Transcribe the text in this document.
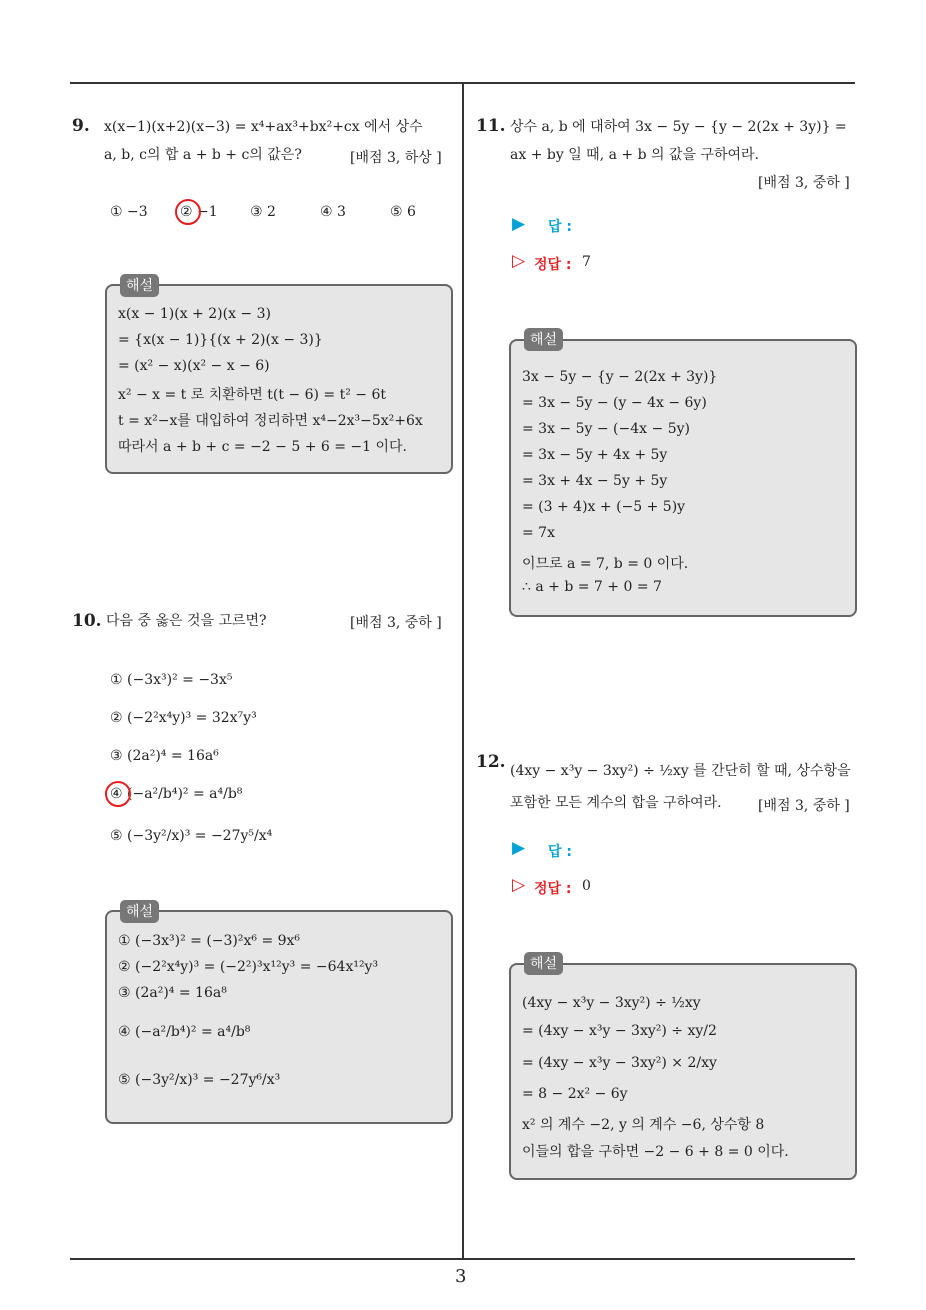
3
9. x(x−1)(x+2)(x−3) = x⁴+ax³+bx²+cx 에서 상수
a, b, c의 합 a + b + c의 값은?	[배점 3, 하상 ]
① −3 ② −1 ③ 2	④ 3	⑤ 6
해설
x(x − 1)(x + 2)(x − 3)
= {x(x − 1)}{(x + 2)(x − 3)}
= (x² − x)(x² − x − 6)
x² − x = t 로 치환하면 t(t − 6) = t² − 6t
t = x²−x를 대입하여 정리하면 x⁴−2x³−5x²+6x
따라서 a + b + c = −2 − 5 + 6 = −1 이다.
10. 다음 중 옳은 것을 고르면?	[배점 3, 중하 ]
① (−3x³)² = −3x⁵
② (−2²x⁴y)³ = 32x⁷y³
③ (2a²)⁴ = 16a⁶
④ (−a²/b⁴)² = a⁴/b⁸
⑤ (−3y²/x)³ = −27y⁵/x⁴
해설
① (−3x³)² = (−3)²x⁶ = 9x⁶
② (−2²x⁴y)³ = (−2²)³x¹²y³ = −64x¹²y³
③ (2a²)⁴ = 16a⁸
④ (−a²/b⁴)² = a⁴/b⁸
⑤ (−3y²/x)³ = −27y⁶/x³
11. 상수 a, b 에 대하여 3x − 5y − {y − 2(2x + 3y)} =
ax + by 일 때, a + b 의 값을 구하여라.
[배점 3, 중하 ]
▶ 답 :
▷ 정답 : 7
해설
3x − 5y − {y − 2(2x + 3y)}
= 3x − 5y − (y − 4x − 6y)
= 3x − 5y − (−4x − 5y)
= 3x − 5y + 4x + 5y
= 3x + 4x − 5y + 5y
= (3 + 4)x + (−5 + 5)y
= 7x
이므로 a = 7, b = 0 이다.
∴ a + b = 7 + 0 = 7
12. (4xy − x³y − 3xy²) ÷ ½xy 를 간단히 할 때, 상수항을
포함한 모든 계수의 합을 구하여라.	[배점 3, 중하 ]
▶ 답 :
▷ 정답 : 0
해설
(4xy − x³y − 3xy²) ÷ ½xy
= (4xy − x³y − 3xy²) ÷ xy/2
= (4xy − x³y − 3xy²) × 2/xy
= 8 − 2x² − 6y
x² 의 계수 −2, y 의 계수 −6, 상수항 8
이들의 합을 구하면 −2 − 6 + 8 = 0 이다.
